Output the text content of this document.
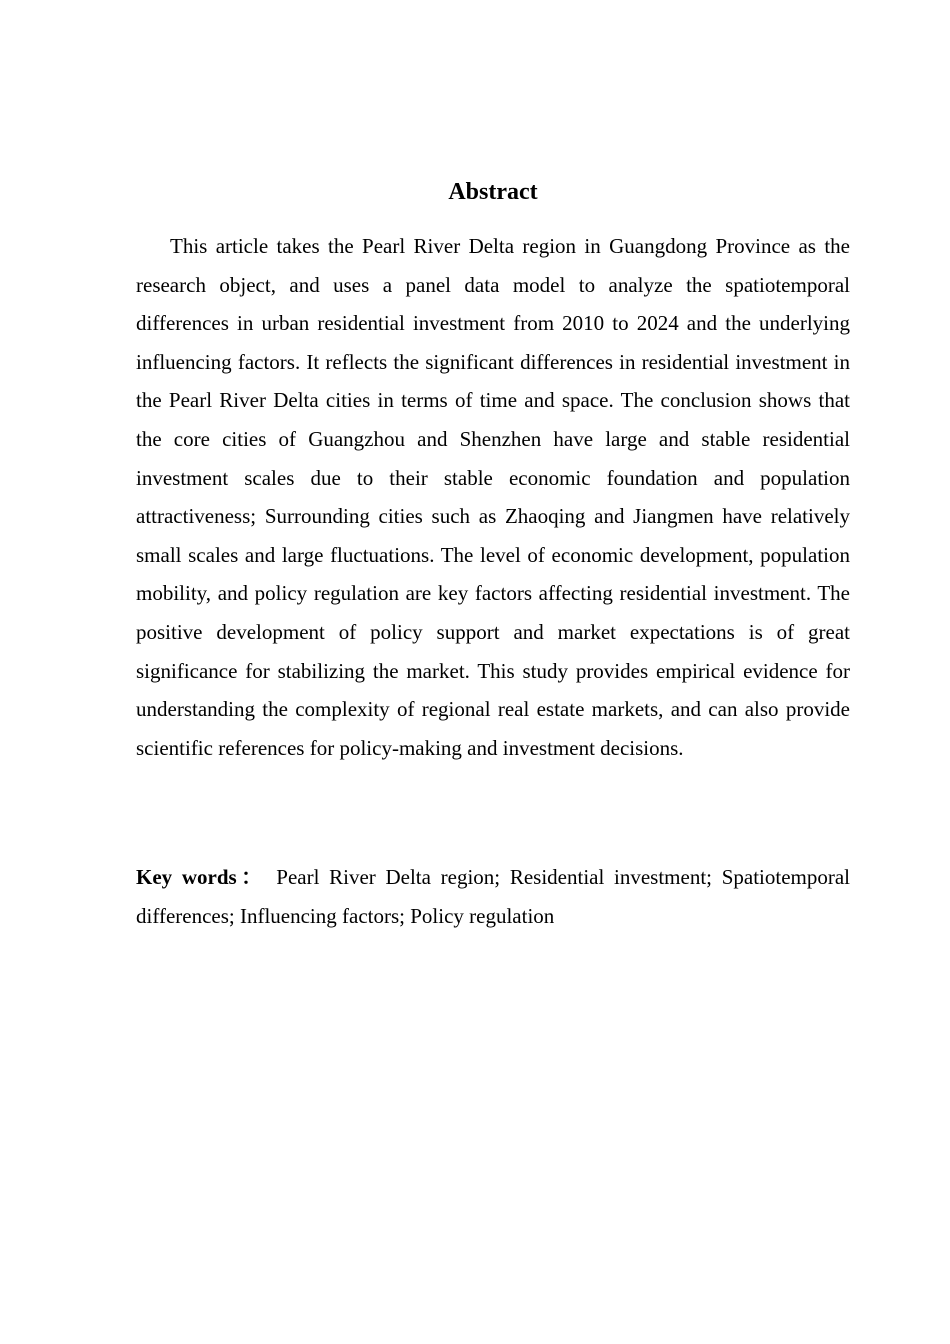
Abstract

This article takes the Pearl River Delta region in Guangdong Province as the research object, and uses a panel data model to analyze the spatiotemporal differences in urban residential investment from 2010 to 2024 and the underlying influencing factors. It reflects the significant differences in residential investment in the Pearl River Delta cities in terms of time and space. The conclusion shows that the core cities of Guangzhou and Shenzhen have large and stable residential investment scales due to their stable economic foundation and population attractiveness; Surrounding cities such as Zhaoqing and Jiangmen have relatively small scales and large fluctuations. The level of economic development, population mobility, and policy regulation are key factors affecting residential investment. The positive development of policy support and market expectations is of great significance for stabilizing the market. This study provides empirical evidence for understanding the complexity of regional real estate markets, and can also provide scientific references for policy-making and investment decisions.

Key words： Pearl River Delta region; Residential investment; Spatiotemporal differences; Influencing factors; Policy regulation
